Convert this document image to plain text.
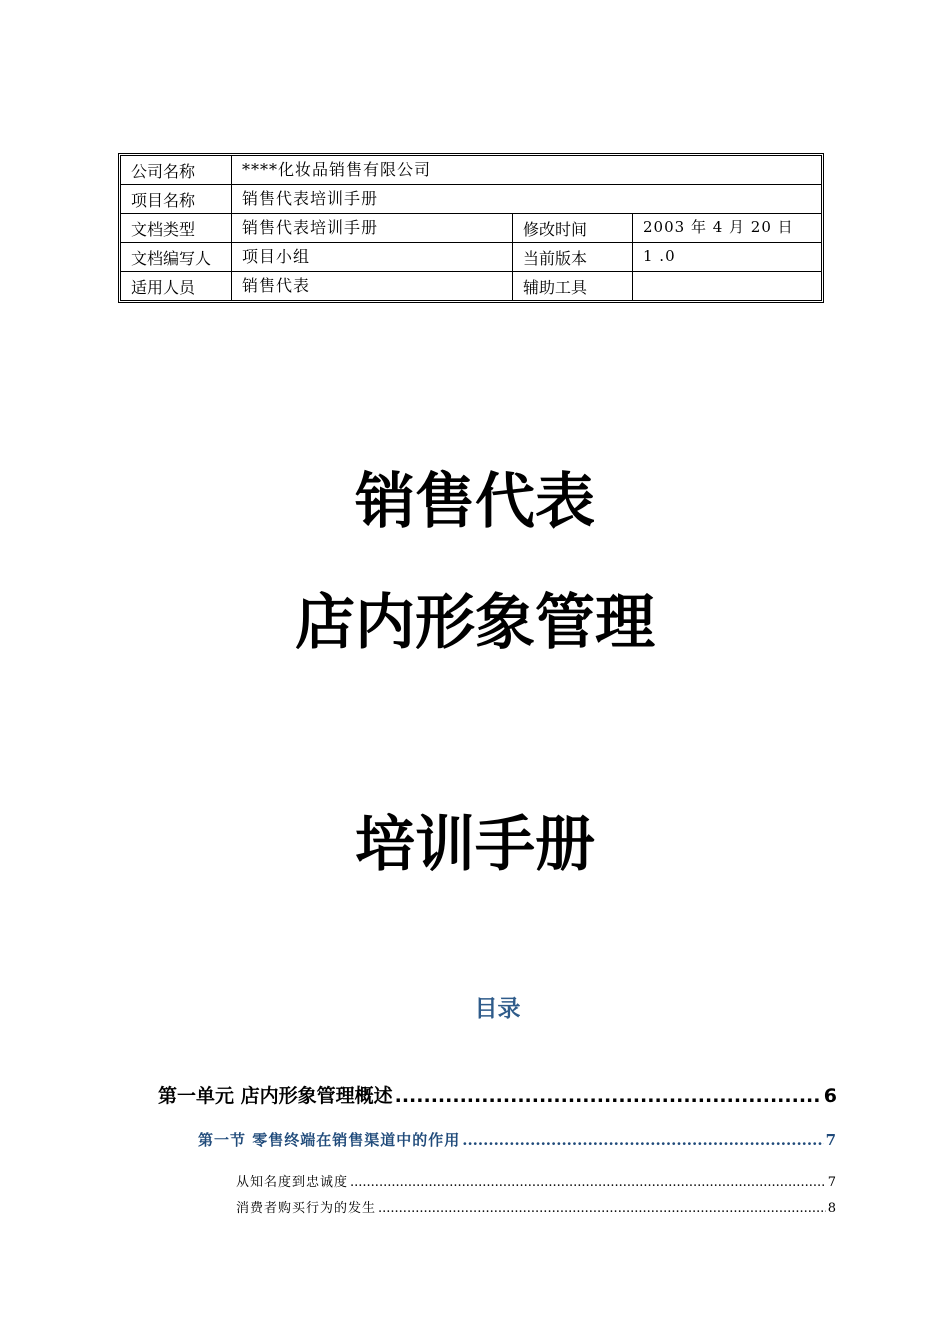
公司名称	****化妆品销售有限公司
项目名称	销售代表培训手册
文档类型	销售代表培训手册	修改时间	2003 年 4 月 20 日
文档编写人	项目小组	当前版本	1 .0
适用人员	销售代表	辅助工具
销售代表
店内形象管理
培训手册
目录
第一单元 店内形象管理概述 .....	6
第一节 零售终端在销售渠道中的作用 .....	7
从知名度到忠诚度 .....	7
消费者购买行为的发生 .....	8
